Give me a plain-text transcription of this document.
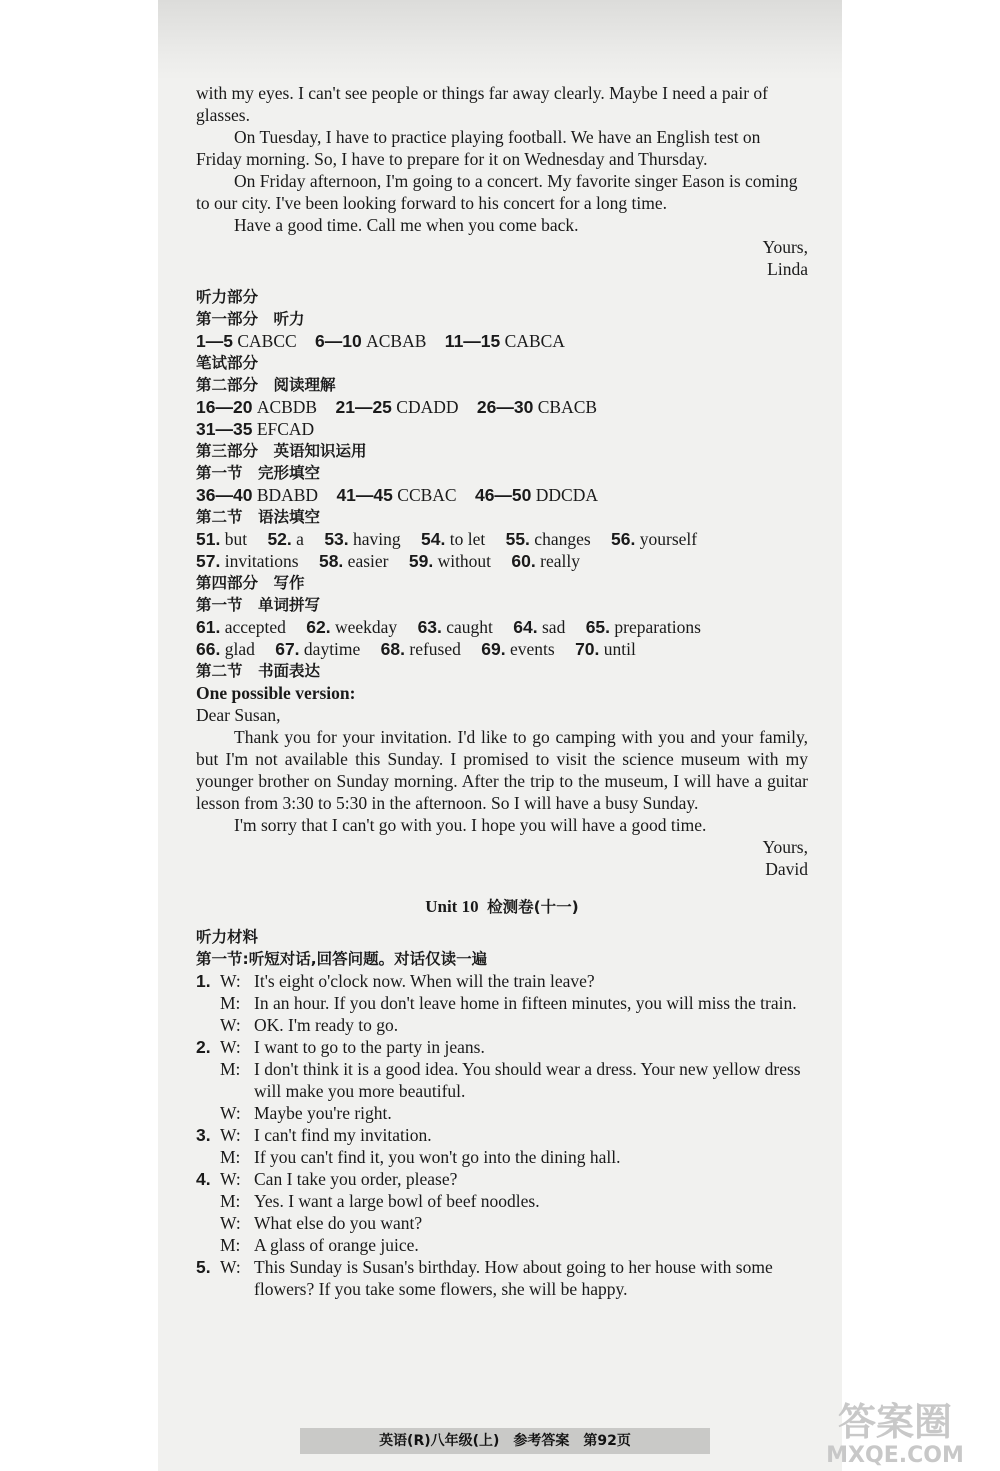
with my eyes. I can't see people or things far away clearly. Maybe I need a pair of glasses.

On Tuesday, I have to practice playing football. We have an English test on Friday morning. So, I have to prepare for it on Wednesday and Thursday.

On Friday afternoon, I'm going to a concert. My favorite singer Eason is coming to our city. I've been looking forward to his concert for a long time.

Have a good time. Call me when you come back.

Yours,

Linda

听力部分

第一部分　听力

1—5 CABCC 6—10 ACBAB 11—15 CABCA

笔试部分

第二部分　阅读理解

16—20 ACBDB 21—25 CDADD 26—30 CBACB

31—35 EFCAD

第三部分　英语知识运用

第一节　完形填空

36—40 BDABD 41—45 CCBAC 46—50 DDCDA

第二节　语法填空

51. but 52. a 53. having 54. to let 55. changes 56. yourself

57. invitations 58. easier 59. without 60. really

第四部分　写作

第一节　单词拼写

61. accepted 62. weekday 63. caught 64. sad 65. preparations

66. glad 67. daytime 68. refused 69. events 70. until

第二节　书面表达

One possible version:

Dear Susan,

Thank you for your invitation. I'd like to go camping with you and your family, but I'm not available this Sunday. I promised to visit the science museum with my younger brother on Sunday morning. After the trip to the museum, I will have a guitar lesson from 3:30 to 5:30 in the afternoon. So I will have a busy Sunday.

I'm sorry that I can't go with you. I hope you will have a good time.

Yours,

David

Unit 10 检测卷(十一)

听力材料

第一节:听短对话,回答问题。对话仅读一遍

1. W: It's eight o'clock now. When will the train leave?
M: In an hour. If you don't leave home in fifteen minutes, you will miss the train.
W: OK. I'm ready to go.
2. W: I want to go to the party in jeans.
M: I don't think it is a good idea. You should wear a dress. Your new yellow dress will make you more beautiful.
W: Maybe you're right.
3. W: I can't find my invitation.
M: If you can't find it, you won't go into the dining hall.
4. W: Can I take you order, please?
M: Yes. I want a large bowl of beef noodles.
W: What else do you want?
M: A glass of orange juice.
5. W: This Sunday is Susan's birthday. How about going to her house with some flowers? If you take some flowers, she will be happy.
英语(R)八年级(上)　参考答案　第92页	答案圈
MXQE.COM
